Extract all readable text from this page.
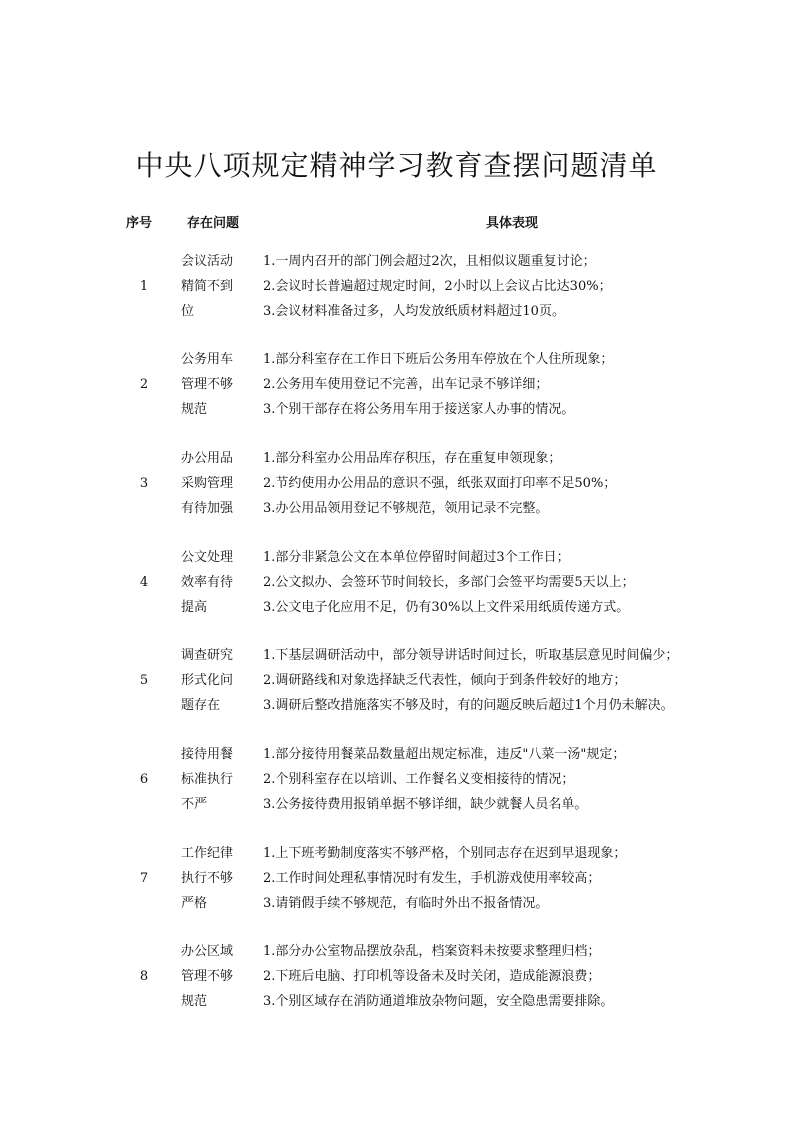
中央八项规定精神学习教育查摆问题清单
序号	存在问题	具体表现
1
会议活动精简不到位
1.一周内召开的部门例会超过2次，且相似议题重复讨论；
2.会议时长普遍超过规定时间，2小时以上会议占比达30%；
3.会议材料准备过多，人均发放纸质材料超过10页。
2
公务用车管理不够规范
1.部分科室存在工作日下班后公务用车停放在个人住所现象；
2.公务用车使用登记不完善，出车记录不够详细；
3.个别干部存在将公务用车用于接送家人办事的情况。
3
办公用品采购管理有待加强
1.部分科室办公用品库存积压，存在重复申领现象；
2.节约使用办公用品的意识不强，纸张双面打印率不足50%；
3.办公用品领用登记不够规范，领用记录不完整。
4
公文处理效率有待提高
1.部分非紧急公文在本单位停留时间超过3个工作日；
2.公文拟办、会签环节时间较长，多部门会签平均需要5天以上；
3.公文电子化应用不足，仍有30%以上文件采用纸质传递方式。
5
调查研究形式化问题存在
1.下基层调研活动中，部分领导讲话时间过长，听取基层意见时间偏少；
2.调研路线和对象选择缺乏代表性，倾向于到条件较好的地方；
3.调研后整改措施落实不够及时，有的问题反映后超过1个月仍未解决。
6
接待用餐标准执行不严
1.部分接待用餐菜品数量超出规定标准，违反"八菜一汤"规定；
2.个别科室存在以培训、工作餐名义变相接待的情况；
3.公务接待费用报销单据不够详细，缺少就餐人员名单。
7
工作纪律执行不够严格
1.上下班考勤制度落实不够严格，个别同志存在迟到早退现象；
2.工作时间处理私事情况时有发生，手机游戏使用率较高；
3.请销假手续不够规范，有临时外出不报备情况。
8
办公区域管理不够规范
1.部分办公室物品摆放杂乱，档案资料未按要求整理归档；
2.下班后电脑、打印机等设备未及时关闭，造成能源浪费；
3.个别区域存在消防通道堆放杂物问题，安全隐患需要排除。
